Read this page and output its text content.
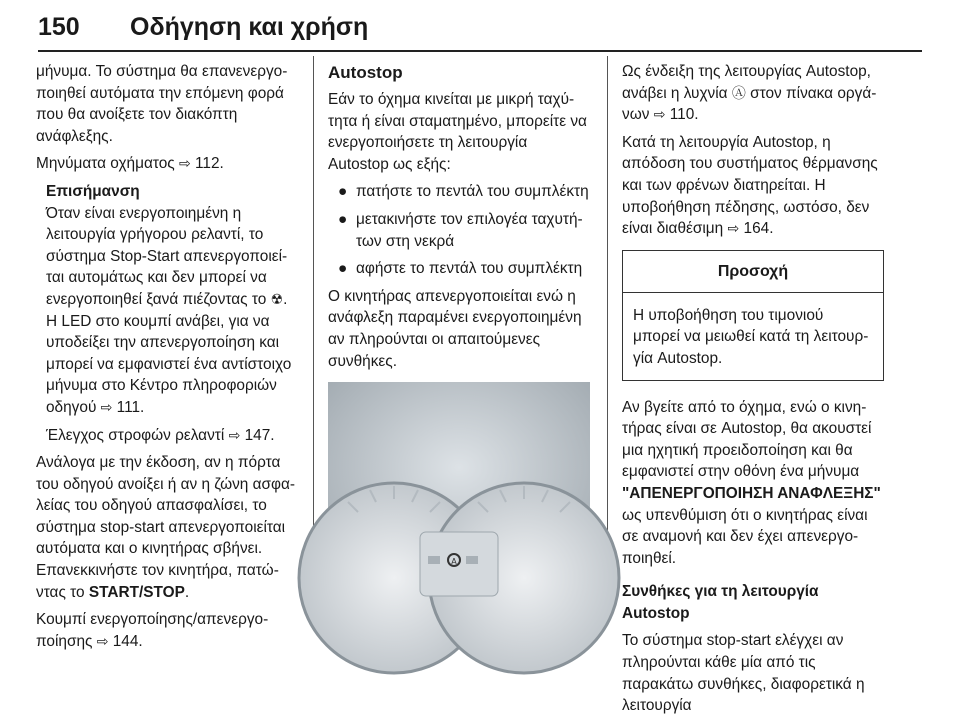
150 Οδήγηση και χρήση

μήνυμα. Το σύστημα θα επανενεργοποιηθεί αυτόματα την επόμενη φορά που θα ανοίξετε τον διακόπτη ανάφλεξης.

Μηνύματα οχήματος ⇨ 112.

Επισήμανση

Όταν είναι ενεργοποιημένη η λειτουργία γρήγορου ρελαντί, το σύστημα Stop-Start απενεργοποιείται αυτομάτως και δεν μπορεί να ενεργοποιηθεί ξανά πιέζοντας το ☢. Η LED στο κουμπί ανάβει, για να υποδείξει την απενεργοποίηση και μπορεί να εμφανιστεί ένα αντίστοιχο μήνυμα στο Κέντρο πληροφοριών οδηγού ⇨ 111.

Έλεγχος στροφών ρελαντί ⇨ 147.

Ανάλογα με την έκδοση, αν η πόρτα του οδηγού ανοίξει ή αν η ζώνη ασφαλείας του οδηγού απασφαλίσει, το σύστημα stop-start απενεργοποιείται αυτόματα και ο κινητήρας σβήνει. Επανεκκινήστε τον κινητήρα, πατώντας το START/STOP.

Κουμπί ενεργοποίησης/απενεργοποίησης ⇨ 144.

Autostop

Εάν το όχημα κινείται με μικρή ταχύτητα ή είναι σταματημένο, μπορείτε να ενεργοποιήσετε τη λειτουργία Autostop ως εξής:

● πατήστε το πεντάλ του συμπλέκτη
● μετακινήστε τον επιλογέα ταχυτήτων στη νεκρά
● αφήστε το πεντάλ του συμπλέκτη

Ο κινητήρας απενεργοποιείται ενώ η ανάφλεξη παραμένει ενεργοποιημένη αν πληρούνται οι απαιτούμενες συνθήκες.

A

Ως ένδειξη της λειτουργίας Autostop, ανάβει η λυχνία Ⓐ στον πίνακα οργάνων ⇨ 110.

Κατά τη λειτουργία Autostop, η απόδοση του συστήματος θέρμανσης και των φρένων διατηρείται. Η υποβοήθηση πέδησης, ωστόσο, δεν είναι διαθέσιμη ⇨ 164.

Προσοχή
Η υποβοήθηση του τιμονιού μπορεί να μειωθεί κατά τη λειτουργία Autostop.

Αν βγείτε από το όχημα, ενώ ο κινητήρας είναι σε Autostop, θα ακουστεί μια ηχητική προειδοποίηση και θα εμφανιστεί στην οθόνη ένα μήνυμα "ΑΠΕΝΕΡΓΟΠΟΙΗΣΗ ΑΝΑΦΛΕΞΗΣ" ως υπενθύμιση ότι ο κινητήρας είναι σε αναμονή και δεν έχει απενεργοποιηθεί.

Συνθήκες για τη λειτουργία Autostop

Το σύστημα stop-start ελέγχει αν πληρούνται κάθε μία από τις παρακάτω συνθήκες, διαφορετικά η λειτουργία
